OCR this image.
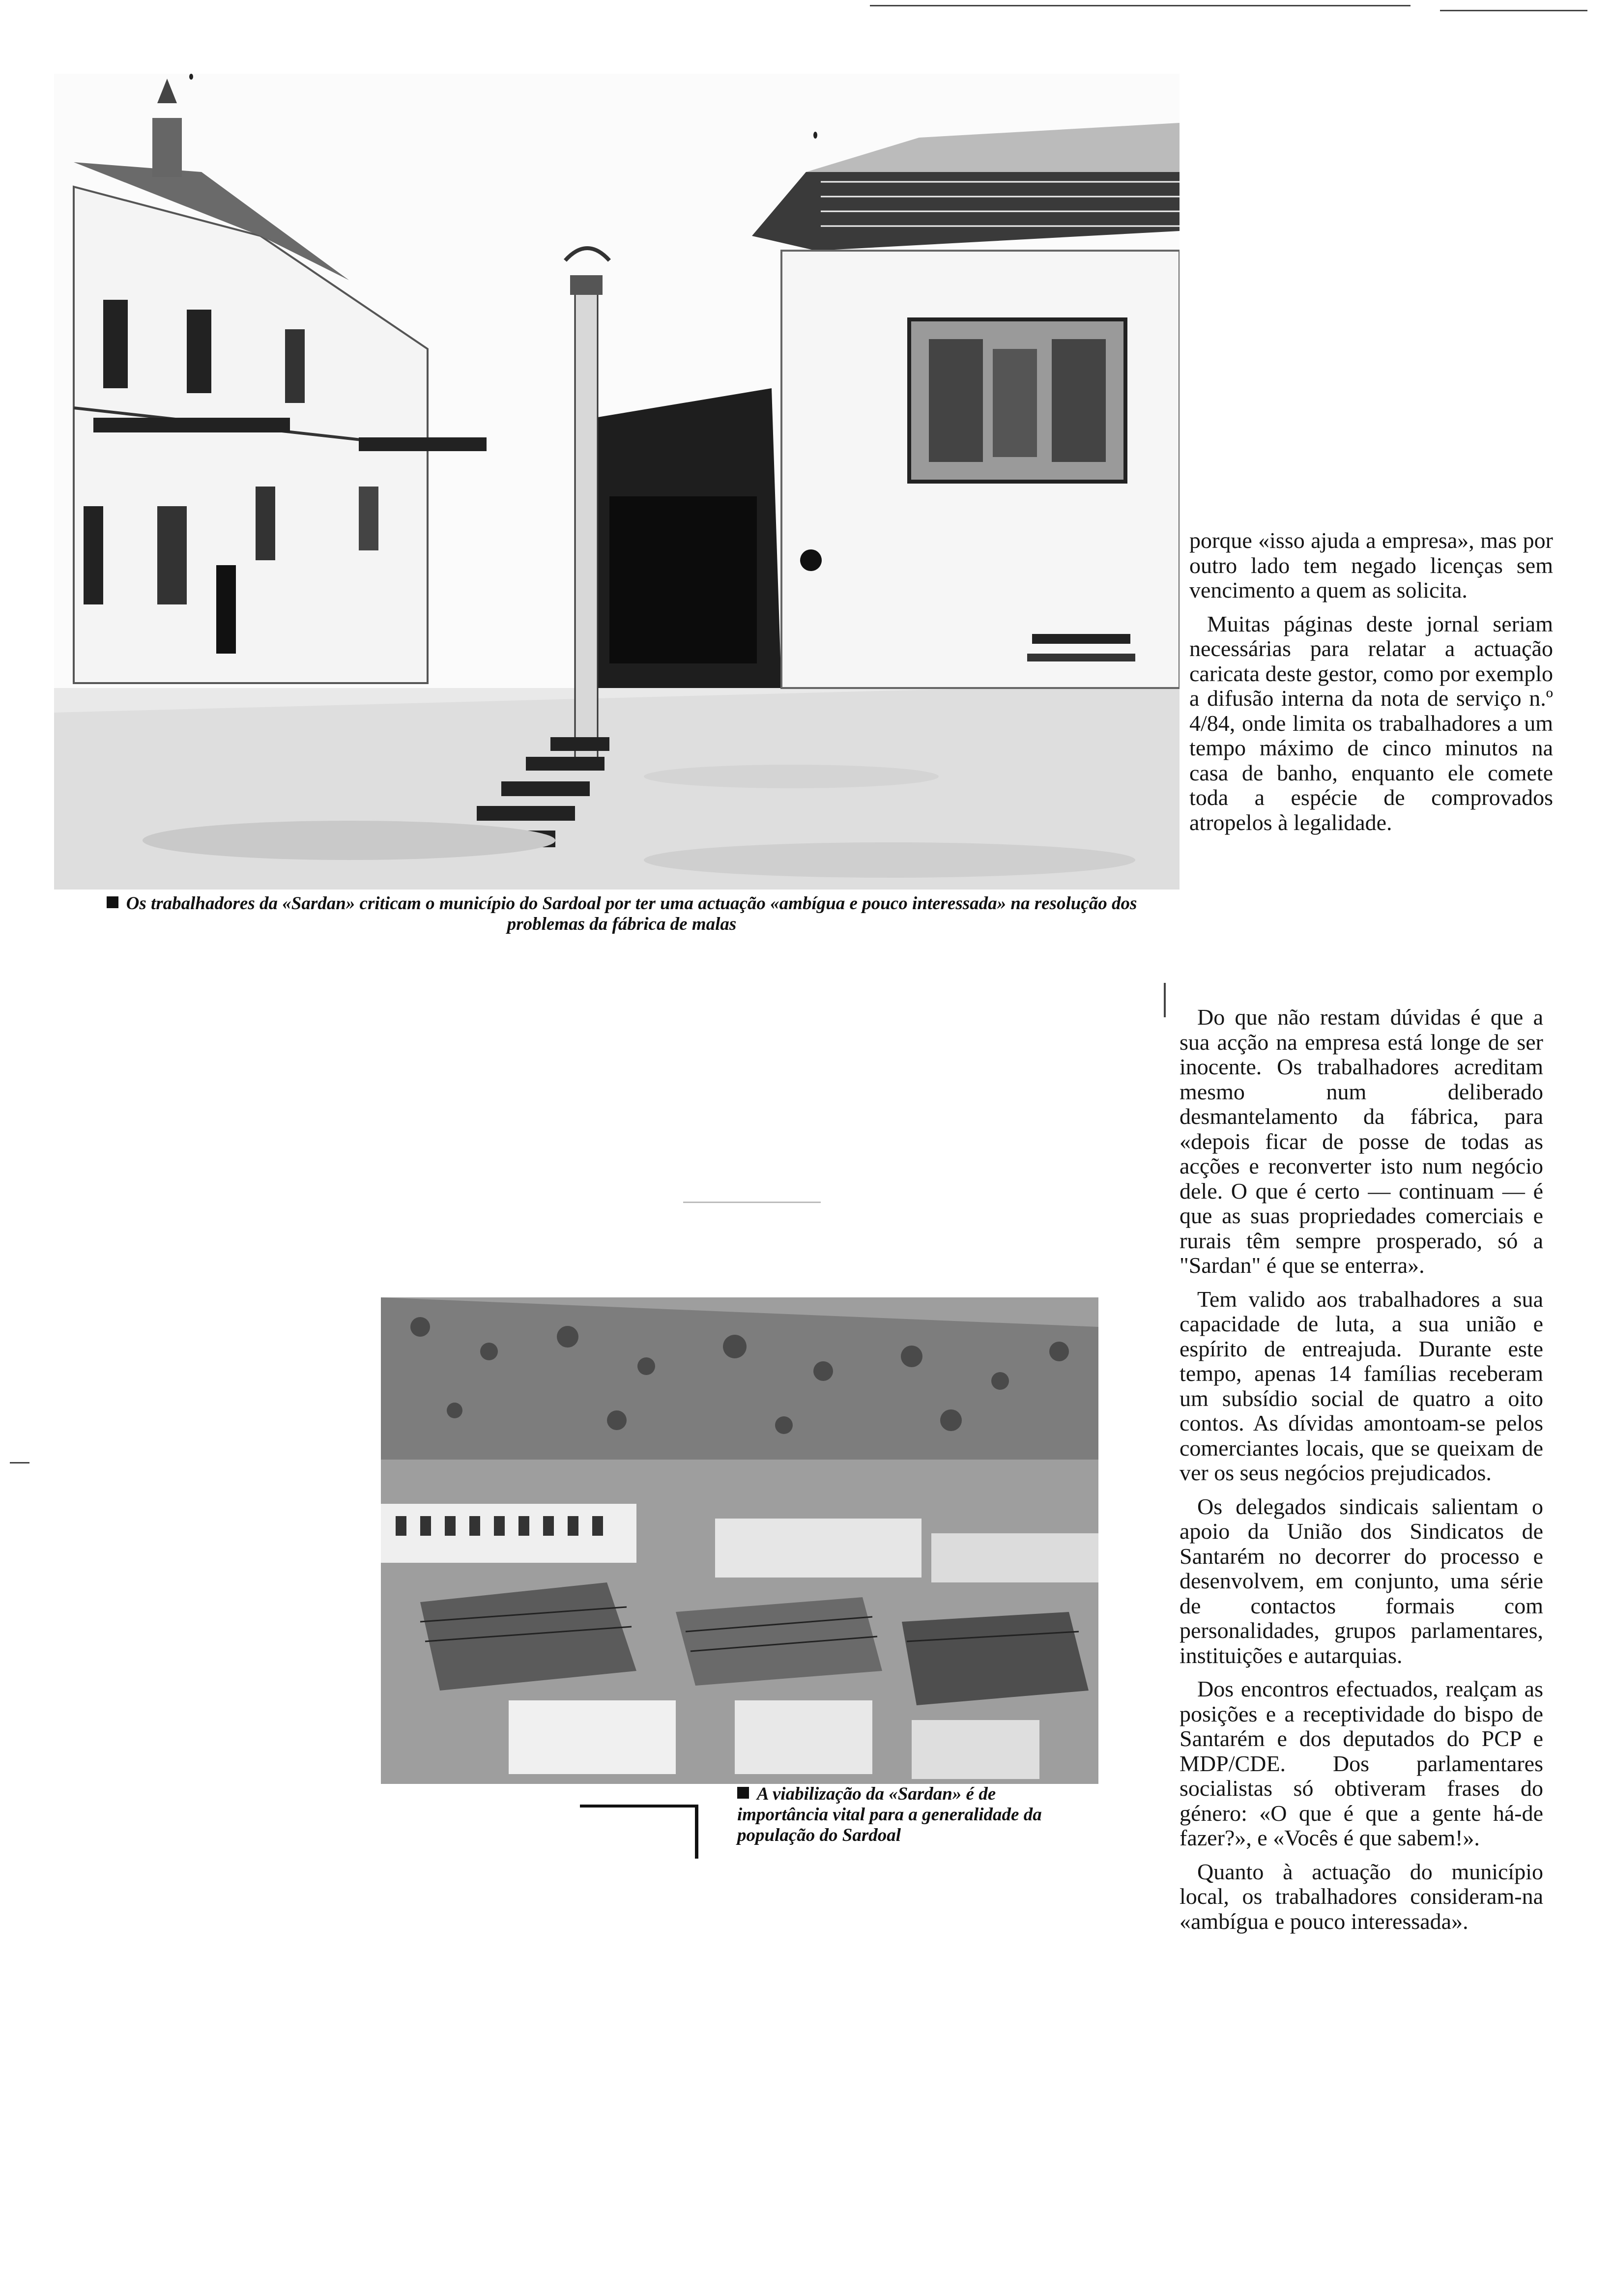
Os trabalhadores da «Sardan» criticam o município do Sardoal por ter uma actuação «ambígua e pouco interessada» na resolução dos problemas da fábrica de malas

porque «isso ajuda a empresa», mas por outro lado tem negado licenças sem vencimento a quem as solicita.

Muitas páginas deste jornal seriam necessárias para relatar a actuação caricata deste gestor, como por exemplo a difusão interna da nota de serviço n.º 4/84, onde limita os trabalhadores a um tempo máximo de cinco minutos na casa de banho, enquanto ele comete toda a espécie de comprovados atropelos à legalidade.

Do que não restam dúvidas é que a sua acção na empresa está longe de ser inocente. Os trabalhadores acreditam mesmo num deliberado desmantelamento da fábrica, para «depois ficar de posse de todas as acções e reconverter isto num negócio dele. O que é certo — continuam — é que as suas propriedades comerciais e rurais têm sempre prosperado, só a "Sardan" é que se enterra».

Tem valido aos trabalhadores a sua capacidade de luta, a sua união e espírito de entreajuda. Durante este tempo, apenas 14 famílias receberam um subsídio social de quatro a oito contos. As dívidas amontoam-se pelos comerciantes locais, que se queixam de ver os seus negócios prejudicados.

Os delegados sindicais salientam o apoio da União dos Sindicatos de Santarém no decorrer do processo e desenvolvem, em conjunto, uma série de contactos formais com personalidades, grupos parlamentares, instituições e autarquias.

Dos encontros efectuados, realçam as posições e a receptividade do bispo de Santarém e dos deputados do PCP e MDP/CDE. Dos parlamentares socialistas só obtiveram frases do género: «O que é que a gente há-de fazer?», e «Vocês é que sabem!».

Quanto à actuação do município local, os trabalhadores consideram-na «ambígua e pouco interessada».

A viabilização da «Sardan» é de importância vital para a generalidade da população do Sardoal
